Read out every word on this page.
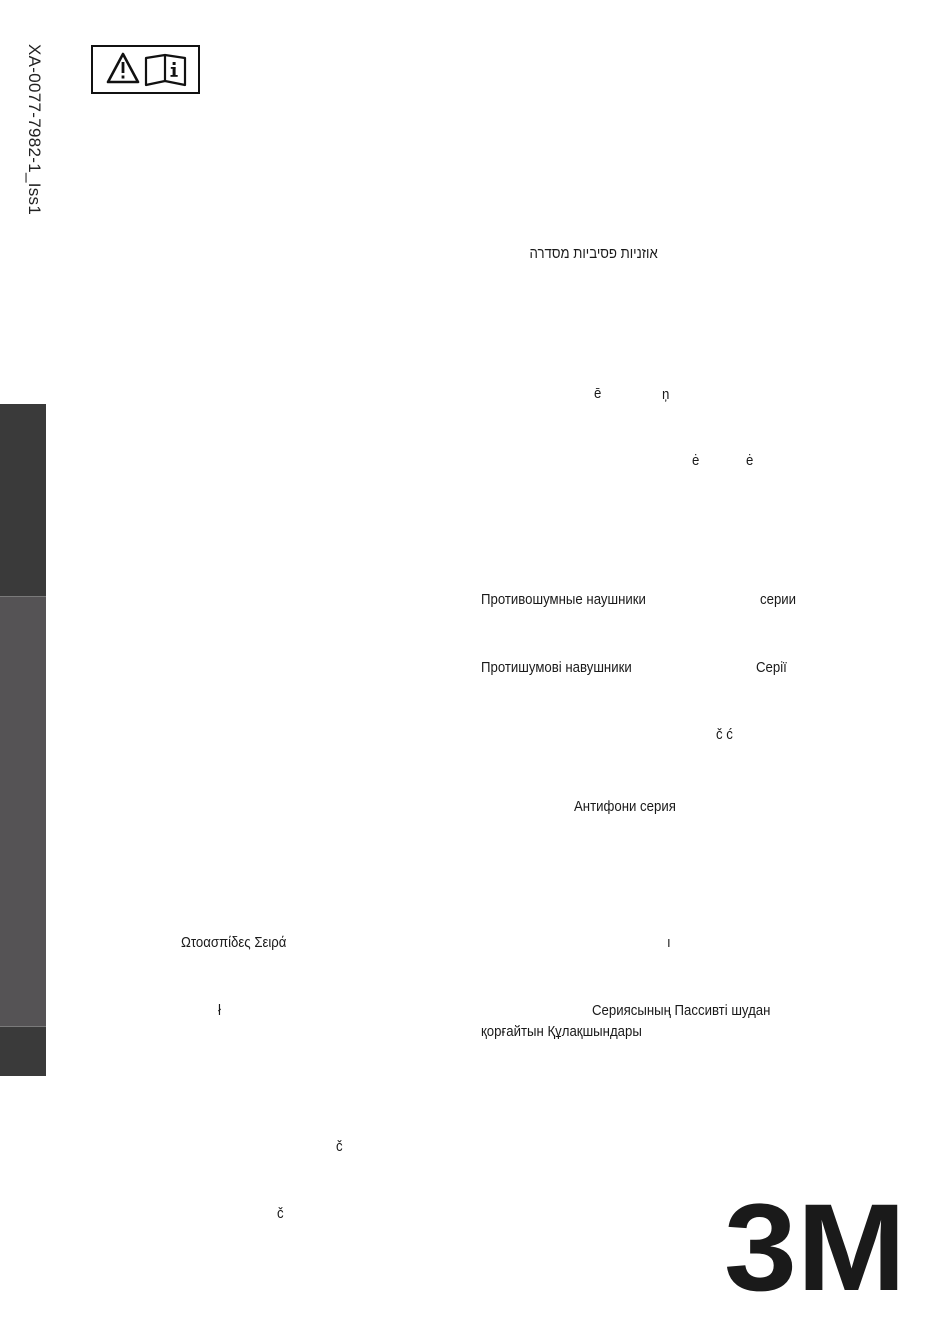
XA-0077-7982-1_Iss1
אוזניות פסיביות מסדרה
ē	ņ
ė	ė
Противошумные наушники	серии
Протишумові навушники	Серії
č ć
Антифони серия
Ωτοασπίδες Σειρά	ı
ł	Сериясының Пассивті шудан
қорғайтын Құлақшындары
č
č	3M
